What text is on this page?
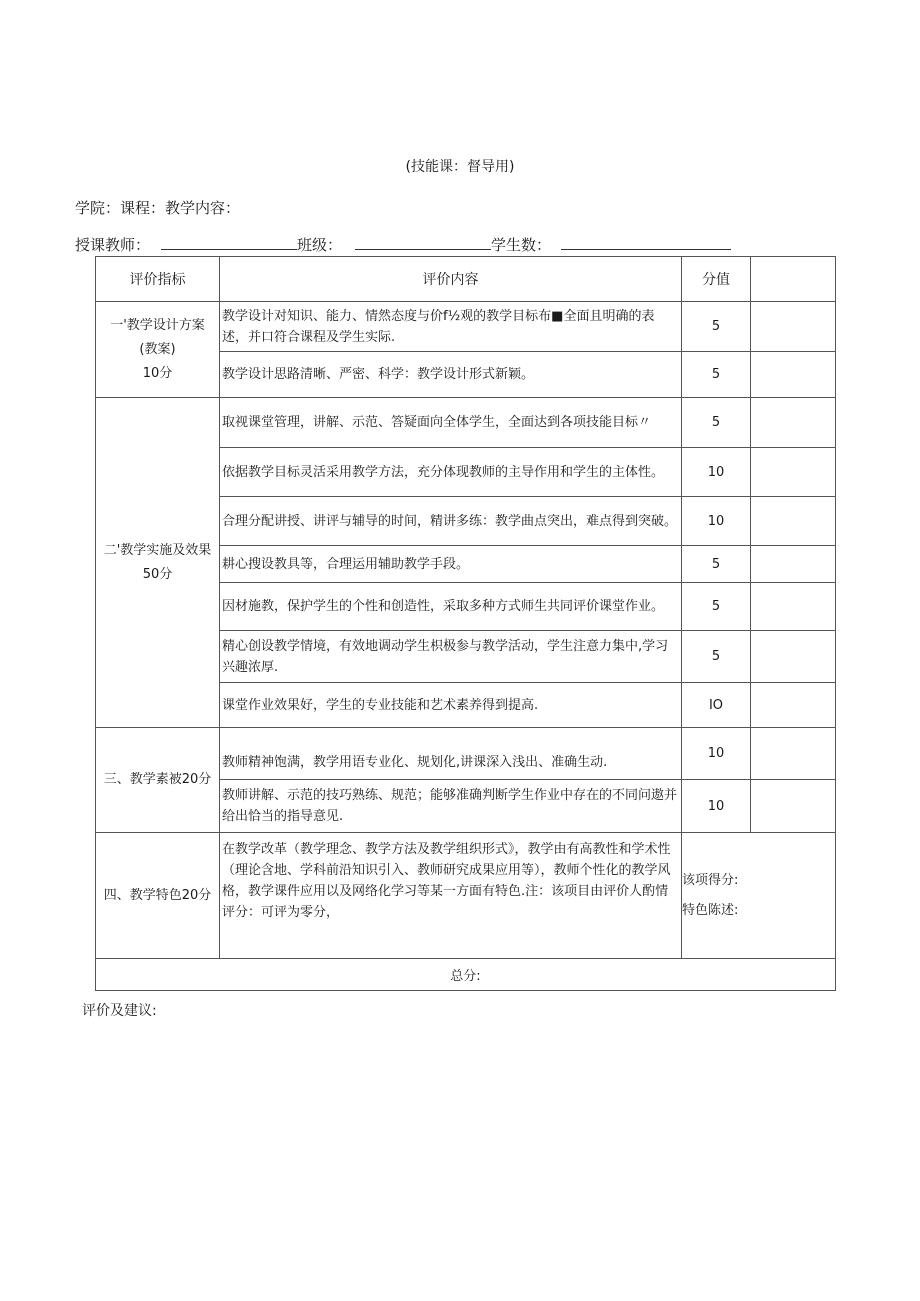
(技能课：督导用)
学院：课程：教学内容：
授课教师：	班级：	学生数：
评价指标	评价内容	分值	

一'教学设计方案
(教案)
10分	教学设计对知识、能力、情然态度与价f½观的教学目标布■全面且明确的表述，并口符合课程及学生实际.	5	
	教学设计思路清晰、严密、科学：教学设计形式新颖。	5	

二'教学实施及效果
50分	取视课堂管理，讲解、示范、答疑面向全体学生，全面达到各项技能目标〃	5	
	依据教学目标灵活采用教学方法，充分体现教师的主导作用和学生的主体性。	10	
	合理分配讲授、讲评与辅导的时间，精讲多练：教学曲点突出，难点得到突破。	10	
	耕心搜设教具等，合理运用辅助教学手段。	5	
	因材施教，保护学生的个性和创造性，采取多种方式师生共同评价课堂作业。	5	
	精心创设教学情境，有效地调动学生枳极参与教学活动，学生注意力集中,学习兴趣浓厚.	5	
	课堂作业效果好，学生的专业技能和艺术素养得到提高.	IO	

三、教学素被20分	教师精神饱满，教学用语专业化、规划化,讲课深入浅出、准确生动.	10	
	教师讲解、示范的技巧熟练、规范；能够准确判断学生作业中存在的不同问遨并给出恰当的指导意见.	10	

四、教学特色20分	在教学改革（教学理念、教学方法及教学组织形式》，教学由有高教性和学术性（理论含地、学科前沿知识引入、教师研究成果应用等），教师个性化的教学风格，教学课件应用以及网络化学习等某一方面有特色.注：该项目由评价人酌情评分：可评为零分，	该项得分:
特色陈述:	

总分:			
评价及建议:
